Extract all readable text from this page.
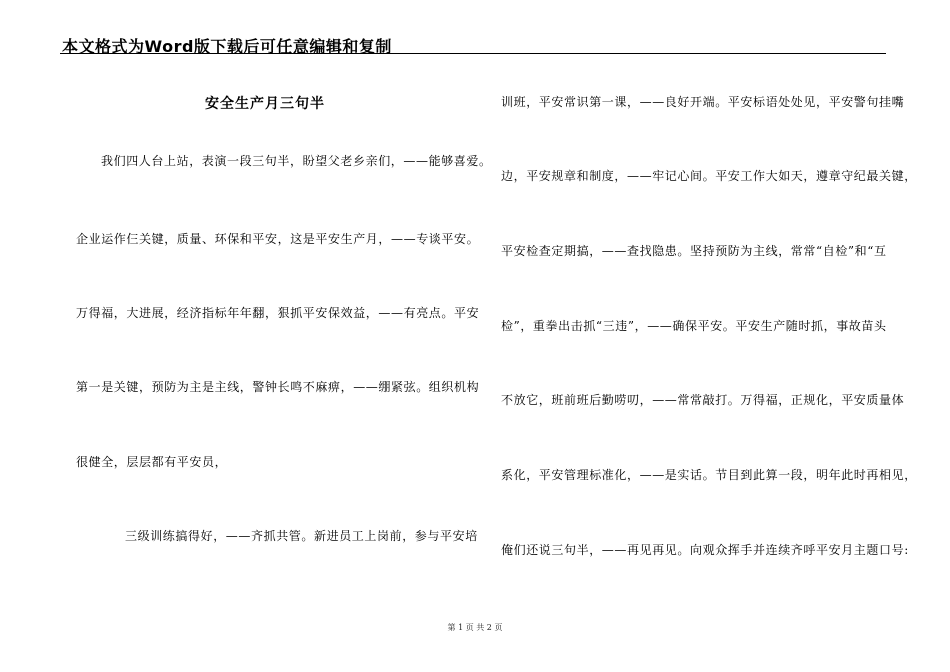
本文格式为Word版下载后可任意编辑和复制
安全生产月三句半
我们四人台上站，表演一段三句半，盼望父老乡亲们，——能够喜爱。
企业运作仨关键，质量、环保和平安，这是平安生产月，——专谈平安。
万得福，大进展，经济指标年年翻，狠抓平安保效益，——有亮点。平安
第一是关键，预防为主是主线，警钟长鸣不麻痹，——绷紧弦。组织机构
很健全，层层都有平安员，
三级训练搞得好，——齐抓共管。新进员工上岗前，参与平安培
训班，平安常识第一课，——良好开端。平安标语处处见，平安警句挂嘴
边，平安规章和制度，——牢记心间。平安工作大如天，遵章守纪最关键，
平安检查定期搞，——查找隐患。坚持预防为主线，常常“自检”和“互
检”，重拳出击抓“三违”，——确保平安。平安生产随时抓，事故苗头
不放它，班前班后勤唠叨，——常常敲打。万得福，正规化，平安质量体
系化，平安管理标准化，——是实话。节目到此算一段，明年此时再相见，
俺们还说三句半，——再见再见。向观众挥手并连续齐呼平安月主题口号:
第 1 页 共 2 页
